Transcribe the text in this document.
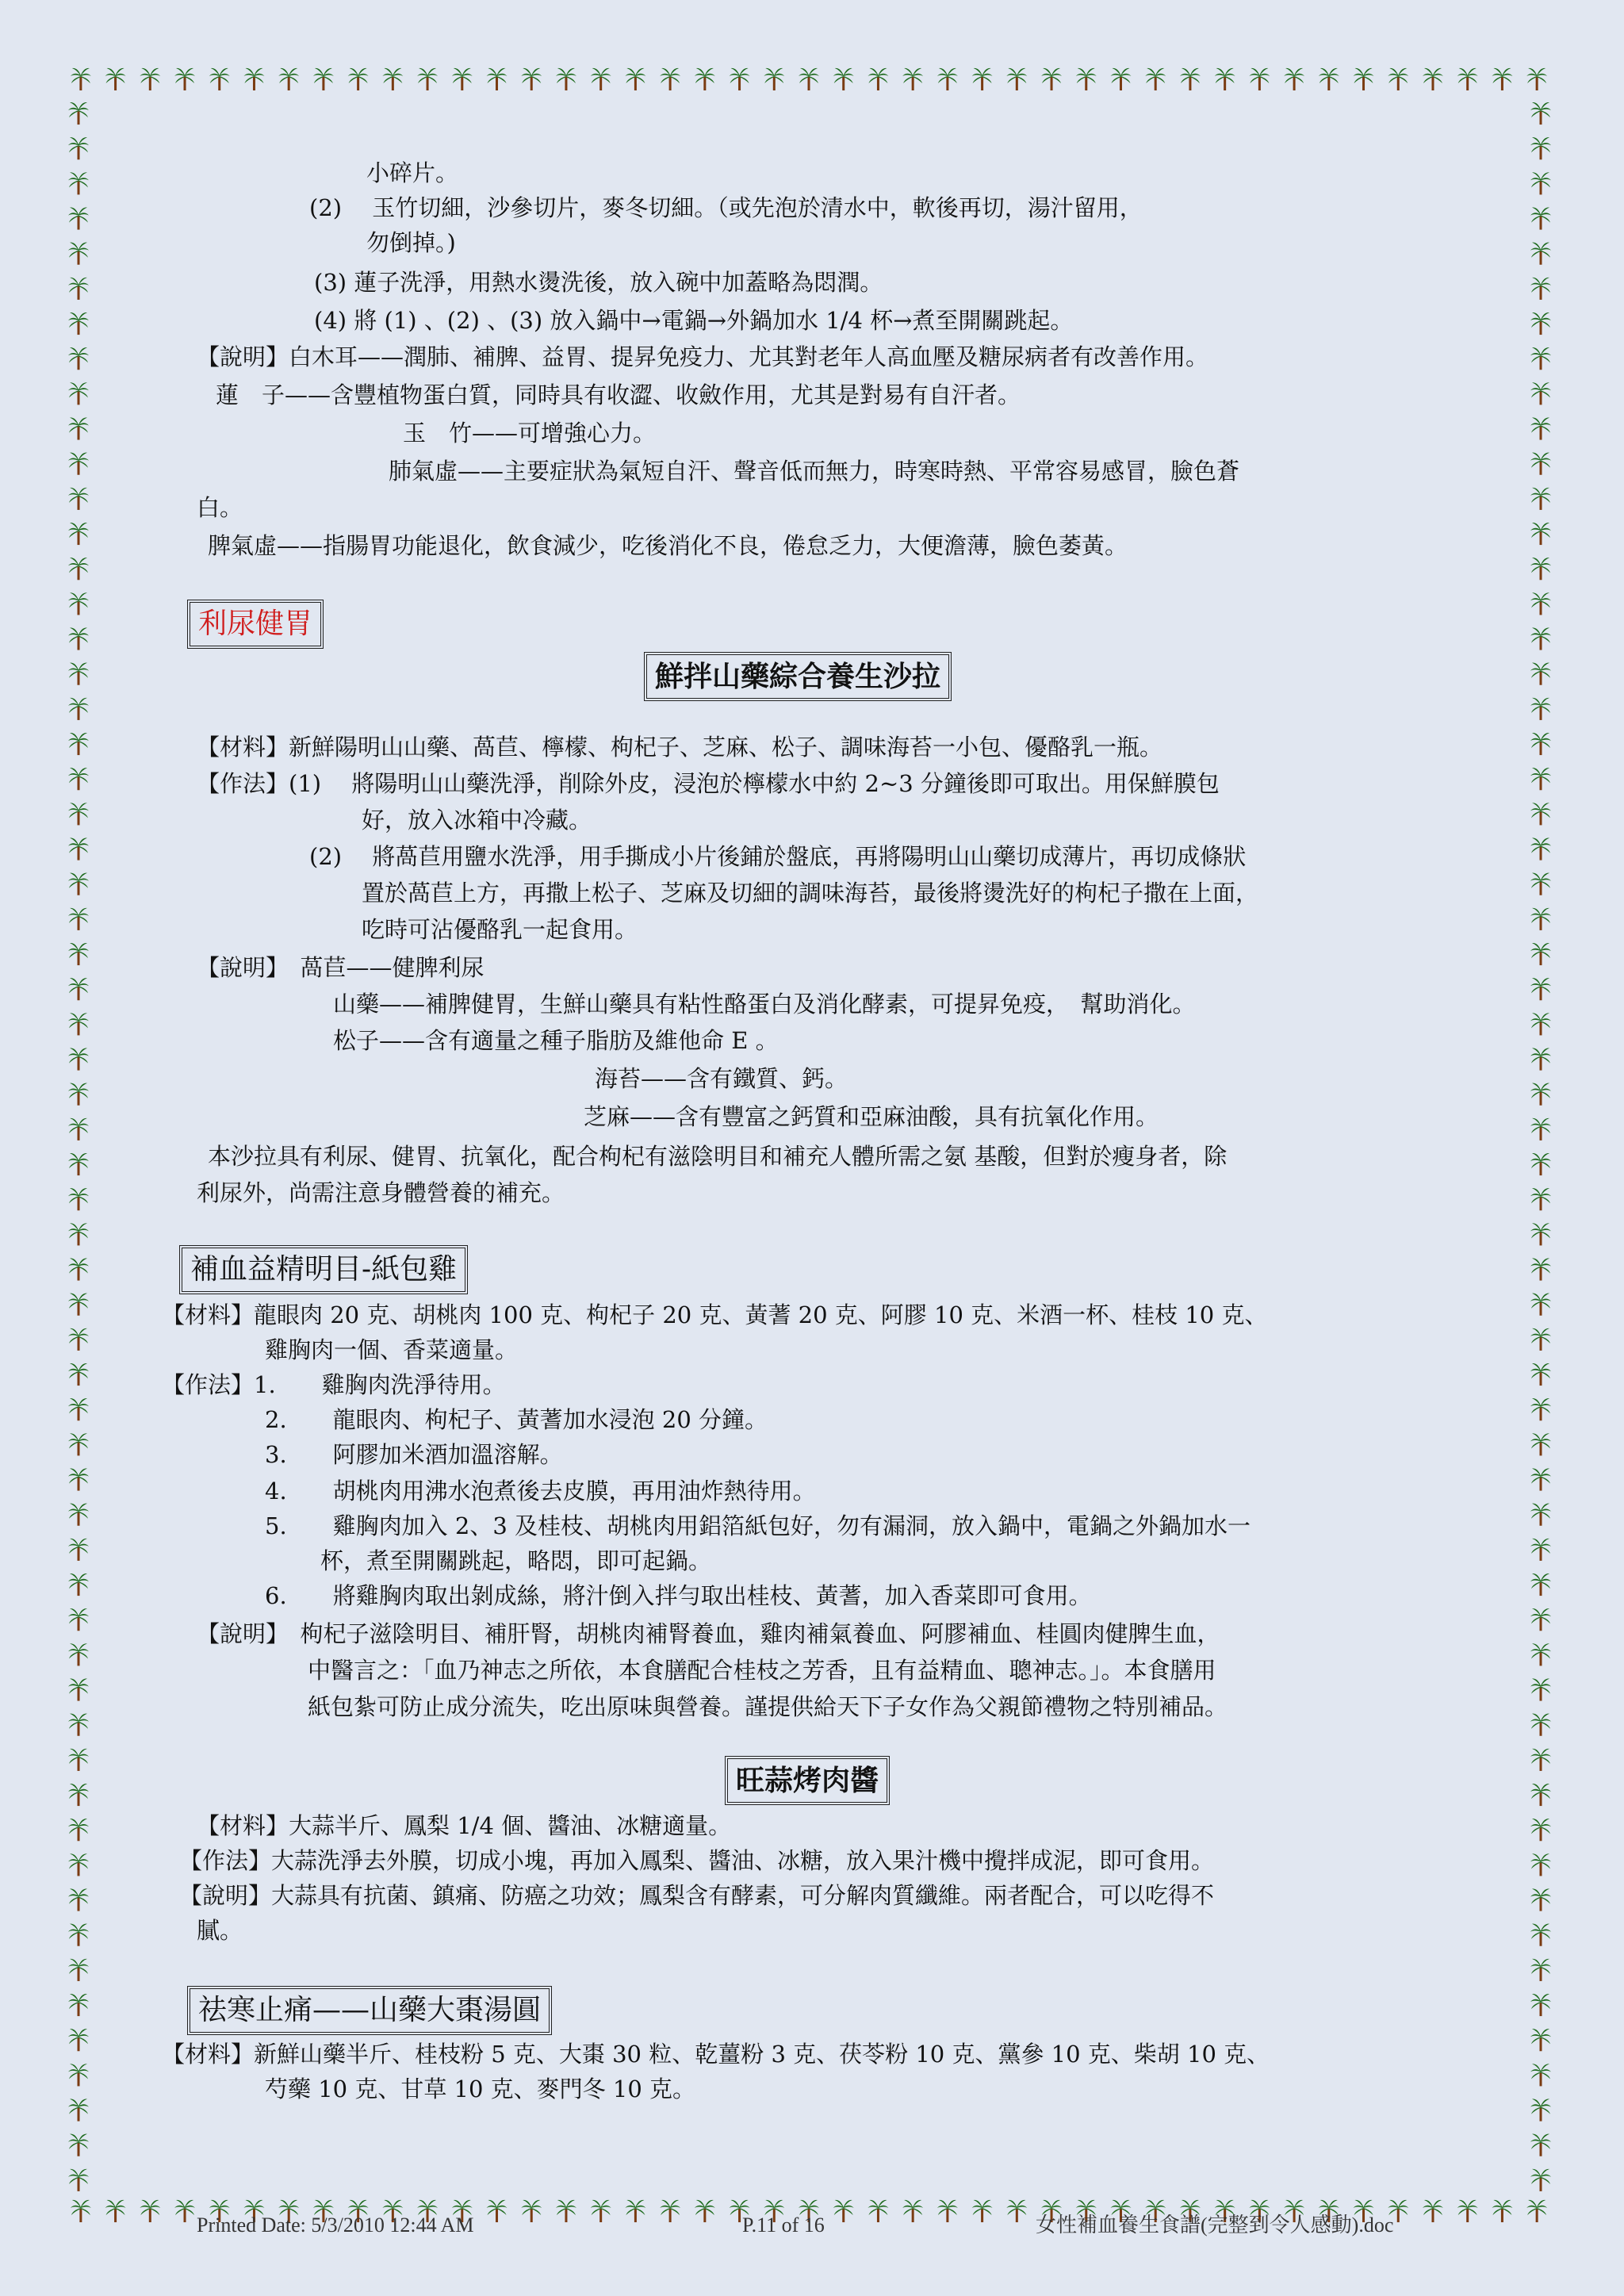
小碎片。
(2)　 玉竹切細，沙參切片，麥冬切細。（或先泡於清水中，軟後再切，湯汁留用，
勿倒掉。)
(3) 蓮子洗淨，用熱水燙洗後，放入碗中加蓋略為悶潤。
(4) 將 (1) 、(2) 、(3) 放入鍋中→電鍋→外鍋加水 1/4 杯→煮至開關跳起。
【說明】白木耳——潤肺、補脾、益胃、提昇免疫力、尤其對老年人高血壓及糖尿病者有改善作用。
蓮　子——含豐植物蛋白質，同時具有收澀、收斂作用，尤其是對易有自汗者。
玉　竹——可增強心力。
肺氣虛——主要症狀為氣短自汗、聲音低而無力，時寒時熱、平常容易感冒，臉色蒼
白。
脾氣虛——指腸胃功能退化，飲食減少，吃後消化不良，倦怠乏力，大便澹薄，臉色萎黃。
利尿健胃
鮮拌山藥綜合養生沙拉
【材料】新鮮陽明山山藥、萵苣、檸檬、枸杞子、芝麻、松子、調味海苔一小包、優酪乳一瓶。
【作法】(1)　 將陽明山山藥洗淨，削除外皮，浸泡於檸檬水中約 2~3 分鐘後即可取出。用保鮮膜包
好，放入冰箱中冷藏。
(2)　 將萵苣用鹽水洗淨，用手撕成小片後鋪於盤底，再將陽明山山藥切成薄片，再切成條狀
置於萵苣上方，再撒上松子、芝麻及切細的調味海苔，最後將燙洗好的枸杞子撒在上面，
吃時可沾優酪乳一起食用。
【說明】　萵苣——健脾利尿
山藥——補脾健胃，生鮮山藥具有粘性酪蛋白及消化酵素，可提昇免疫，　幫助消化。
松子——含有適量之種子脂肪及維他命 E 。
海苔——含有鐵質、鈣。
芝麻——含有豐富之鈣質和亞麻油酸，具有抗氧化作用。
本沙拉具有利尿、健胃、抗氧化，配合枸杞有滋陰明目和補充人體所需之氨 基酸，但對於瘦身者，除
利尿外，尚需注意身體營養的補充。
補血益精明目-紙包雞
【材料】龍眼肉 20 克、胡桃肉 100 克、枸杞子 20 克、黃蓍 20 克、阿膠 10 克、米酒一杯、桂枝 10 克、
雞胸肉一個、香菜適量。
【作法】1.　　雞胸肉洗淨待用。
2.　　龍眼肉、枸杞子、黃蓍加水浸泡 20 分鐘。
3.　　阿膠加米酒加溫溶解。
4.　　胡桃肉用沸水泡煮後去皮膜，再用油炸熱待用。
5.　　雞胸肉加入 2、3 及桂枝、胡桃肉用鋁箔紙包好，勿有漏洞，放入鍋中，電鍋之外鍋加水一
杯，煮至開關跳起，略悶，即可起鍋。
6.　　將雞胸肉取出剝成絲，將汁倒入拌勻取出桂枝、黃蓍，加入香菜即可食用。
【說明】　枸杞子滋陰明目、補肝腎，胡桃肉補腎養血，雞肉補氣養血、阿膠補血、桂圓肉健脾生血，
中醫言之：「血乃神志之所依，本食膳配合桂枝之芳香，且有益精血、聰神志。」。本食膳用
紙包紮可防止成分流失，吃出原味與營養。謹提供給天下子女作為父親節禮物之特別補品。
旺蒜烤肉醬
【材料】大蒜半斤、鳳梨 1/4 個、醬油、冰糖適量。
【作法】大蒜洗淨去外膜，切成小塊，再加入鳳梨、醬油、冰糖，放入果汁機中攪拌成泥，即可食用。
【說明】大蒜具有抗菌、鎮痛、防癌之功效；鳳梨含有酵素，可分解肉質纖維。兩者配合，可以吃得不
膩。
祛寒止痛——山藥大棗湯圓
【材料】新鮮山藥半斤、桂枝粉 5 克、大棗 30 粒、乾薑粉 3 克、茯苓粉 10 克、黨參 10 克、柴胡 10 克、
芍藥 10 克、甘草 10 克、麥門冬 10 克。
Printed Date: 5/3/2010 12:44 AM	P.11 of 16	女性補血養生食譜(完整到令人感動).doc
